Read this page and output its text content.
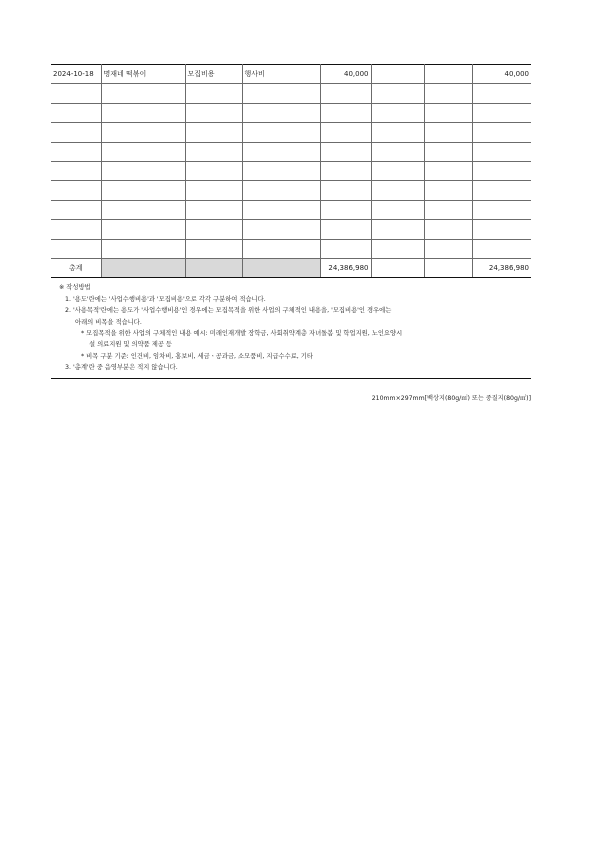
2024-10-18	명재네 떡볶이	모집비용	행사비	40,000			40,000

총계				24,386,980			24,386,980
※ 작성방법
1. '용도'란에는 '사업수행비용'과 '모집비용'으로 각각 구분하여 적습니다.
2. '사용목적'란에는 용도가 '사업수행비용'인 경우에는 모집목적을 위한 사업의 구체적인 내용을, '모집비용'인 경우에는
아래의 비목을 적습니다.
* 모집목적을 위한 사업의 구체적인 내용 예시: 미래인재개발 장학금, 사회취약계층 자녀돌봄 및 학업지원, 노인요양시
설 의료지원 및 의약품 제공 등
* 비목 구분 기준: 인건비, 임차비, 홍보비, 세금ㆍ공과금, 소모품비, 지급수수료, 기타
3. '총계'란 중 음영부분은 적지 않습니다.
210mm×297mm[백상지(80g/㎡) 또는 중질지(80g/㎡)]
